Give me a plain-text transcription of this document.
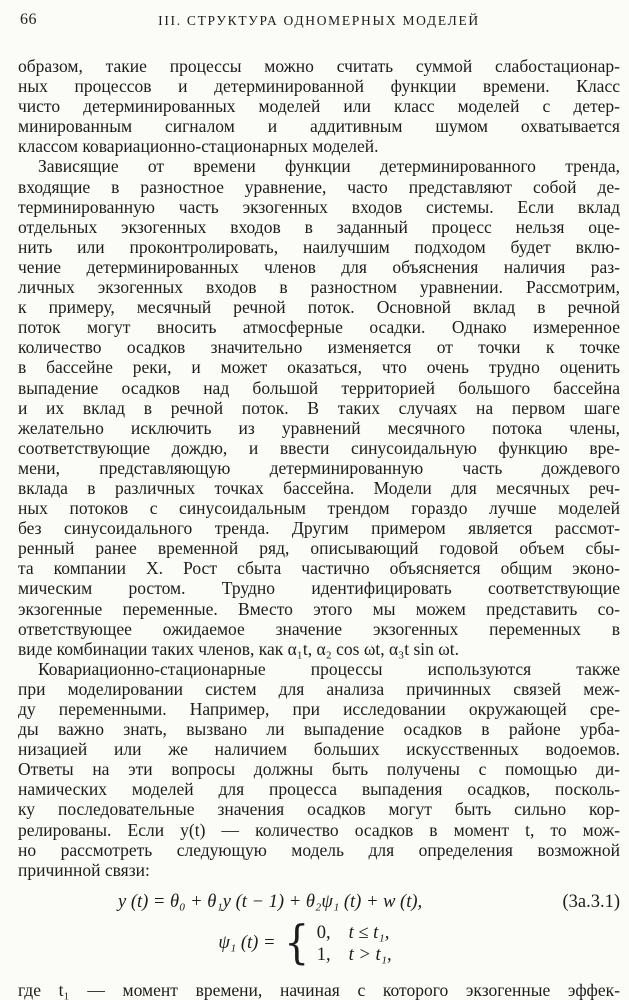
66	III. СТРУКТУРА ОДНОМЕРНЫХ МОДЕЛЕЙ
образом, такие процессы можно считать суммой слабостационар-
ных процессов и детерминированной функции времени. Класс
чисто детерминированных моделей или класс моделей с детер-
минированным сигналом и аддитивным шумом охватывается
классом ковариационно-стационарных моделей.
Зависящие от времени функции детерминированного тренда,
входящие в разностное уравнение, часто представляют собой де-
терминированную часть экзогенных входов системы. Если вклад
отдельных экзогенных входов в заданный процесс нельзя оце-
нить или проконтролировать, наилучшим подходом будет вклю-
чение детерминированных членов для объяснения наличия раз-
личных экзогенных входов в разностном уравнении. Рассмотрим,
к примеру, месячный речной поток. Основной вклад в речной
поток могут вносить атмосферные осадки. Однако измеренное
количество осадков значительно изменяется от точки к точке
в бассейне реки, и может оказаться, что очень трудно оценить
выпадение осадков над большой территорией большого бассейна
и их вклад в речной поток. В таких случаях на первом шаге
желательно исключить из уравнений месячного потока члены,
соответствующие дождю, и ввести синусоидальную функцию вре-
мени, представляющую детерминированную часть дождевого
вклада в различных точках бассейна. Модели для месячных реч-
ных потоков с синусоидальным трендом гораздо лучше моделей
без синусоидального тренда. Другим примером является рассмот-
ренный ранее временной ряд, описывающий годовой объем сбы-
та компании X. Рост сбыта частично объясняется общим эконо-
мическим ростом. Трудно идентифицировать соответствующие
экзогенные переменные. Вместо этого мы можем представить со-
ответствующее ожидаемое значение экзогенных переменных в
виде комбинации таких членов, как α₁t, α₂ cos ωt, α₃t sin ωt.
Ковариационно-стационарные процессы используются также
при моделировании систем для анализа причинных связей меж-
ду переменными. Например, при исследовании окружающей сре-
ды важно знать, вызвано ли выпадение осадков в районе урба-
низацией или же наличием больших искусственных водоемов.
Ответы на эти вопросы должны быть получены с помощью ди-
намических моделей для процесса выпадения осадков, посколь-
ку последовательные значения осадков могут быть сильно кор-
релированы. Если y(t) — количество осадков в момент t, то мож-
но рассмотреть следующую модель для определения возможной
причинной связи:
y (t) = θ₀ + θ₁y (t − 1) + θ₂ψ₁ (t) + w (t),	(3а.3.1)
ψ₁ (t) = { 0, t ≤ t₁,
1, t > t₁,
где t₁ — момент времени, начиная с которого экзогенные эффек-
